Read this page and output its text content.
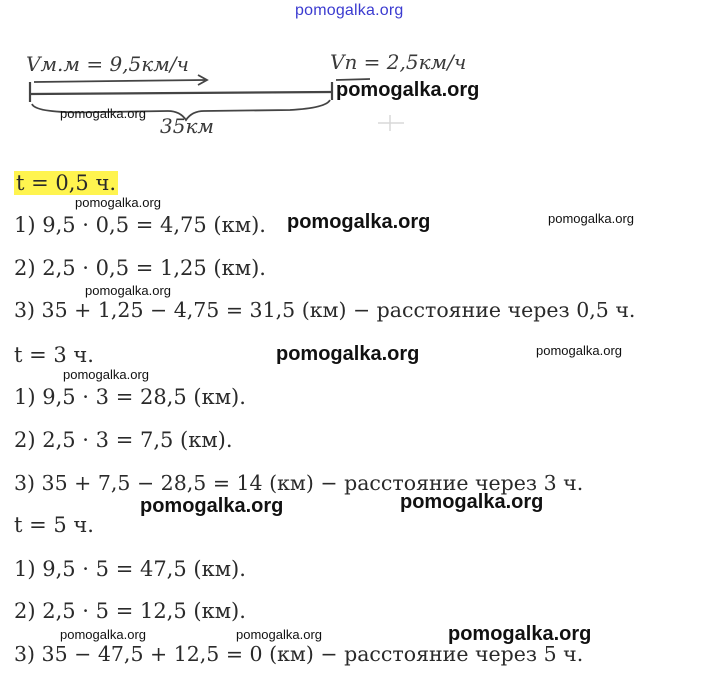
pomogalka.org
Vм.м = 9,5км/ч	Vп = 2,5км/ч
35км
pomogalka.org
pomogalka.org
t = 0,5 ч.
pomogalka.org
1) 9,5 · 0,5 = 4,75 (км). pomogalka.org	pomogalka.org
2) 2,5 · 0,5 = 1,25 (км).
pomogalka.org
3) 35 + 1,25 − 4,75 = 31,5 (км) − расстояние через 0,5 ч.
t = 3 ч.	pomogalka.org	pomogalka.org
pomogalka.org
1) 9,5 · 3 = 28,5 (км).
2) 2,5 · 3 = 7,5 (км).
3) 35 + 7,5 − 28,5 = 14 (км) − расстояние через 3 ч.
pomogalka.org	pomogalka.org
t = 5 ч.
1) 9,5 · 5 = 47,5 (км).
2) 2,5 · 5 = 12,5 (км).
pomogalka.org	pomogalka.org	pomogalka.org
3) 35 − 47,5 + 12,5 = 0 (км) − расстояние через 5 ч.
